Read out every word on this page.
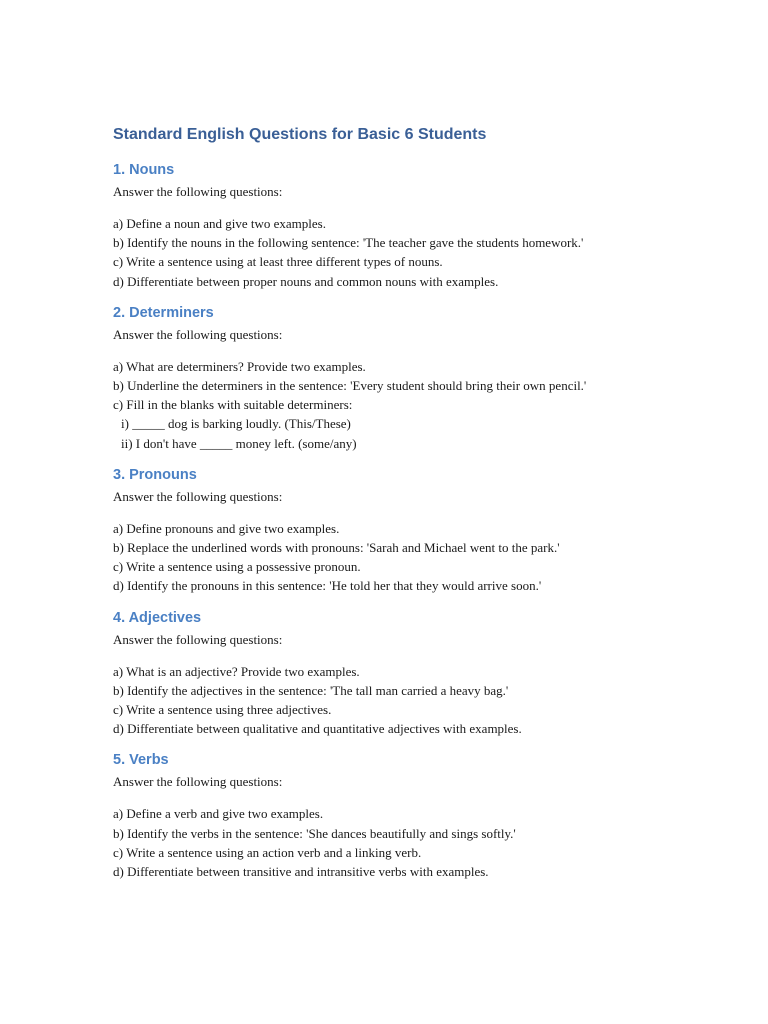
Standard English Questions for Basic 6 Students
1. Nouns

Answer the following questions:

a) Define a noun and give two examples.
b) Identify the nouns in the following sentence: 'The teacher gave the students homework.'
c) Write a sentence using at least three different types of nouns.
d) Differentiate between proper nouns and common nouns with examples.
2. Determiners

Answer the following questions:

a) What are determiners? Provide two examples.
b) Underline the determiners in the sentence: 'Every student should bring their own pencil.'
c) Fill in the blanks with suitable determiners:
i) _____ dog is barking loudly. (This/These)
ii) I don't have _____ money left. (some/any)
3. Pronouns

Answer the following questions:

a) Define pronouns and give two examples.
b) Replace the underlined words with pronouns: 'Sarah and Michael went to the park.'
c) Write a sentence using a possessive pronoun.
d) Identify the pronouns in this sentence: 'He told her that they would arrive soon.'
4. Adjectives

Answer the following questions:

a) What is an adjective? Provide two examples.
b) Identify the adjectives in the sentence: 'The tall man carried a heavy bag.'
c) Write a sentence using three adjectives.
d) Differentiate between qualitative and quantitative adjectives with examples.
5. Verbs

Answer the following questions:

a) Define a verb and give two examples.
b) Identify the verbs in the sentence: 'She dances beautifully and sings softly.'
c) Write a sentence using an action verb and a linking verb.
d) Differentiate between transitive and intransitive verbs with examples.
